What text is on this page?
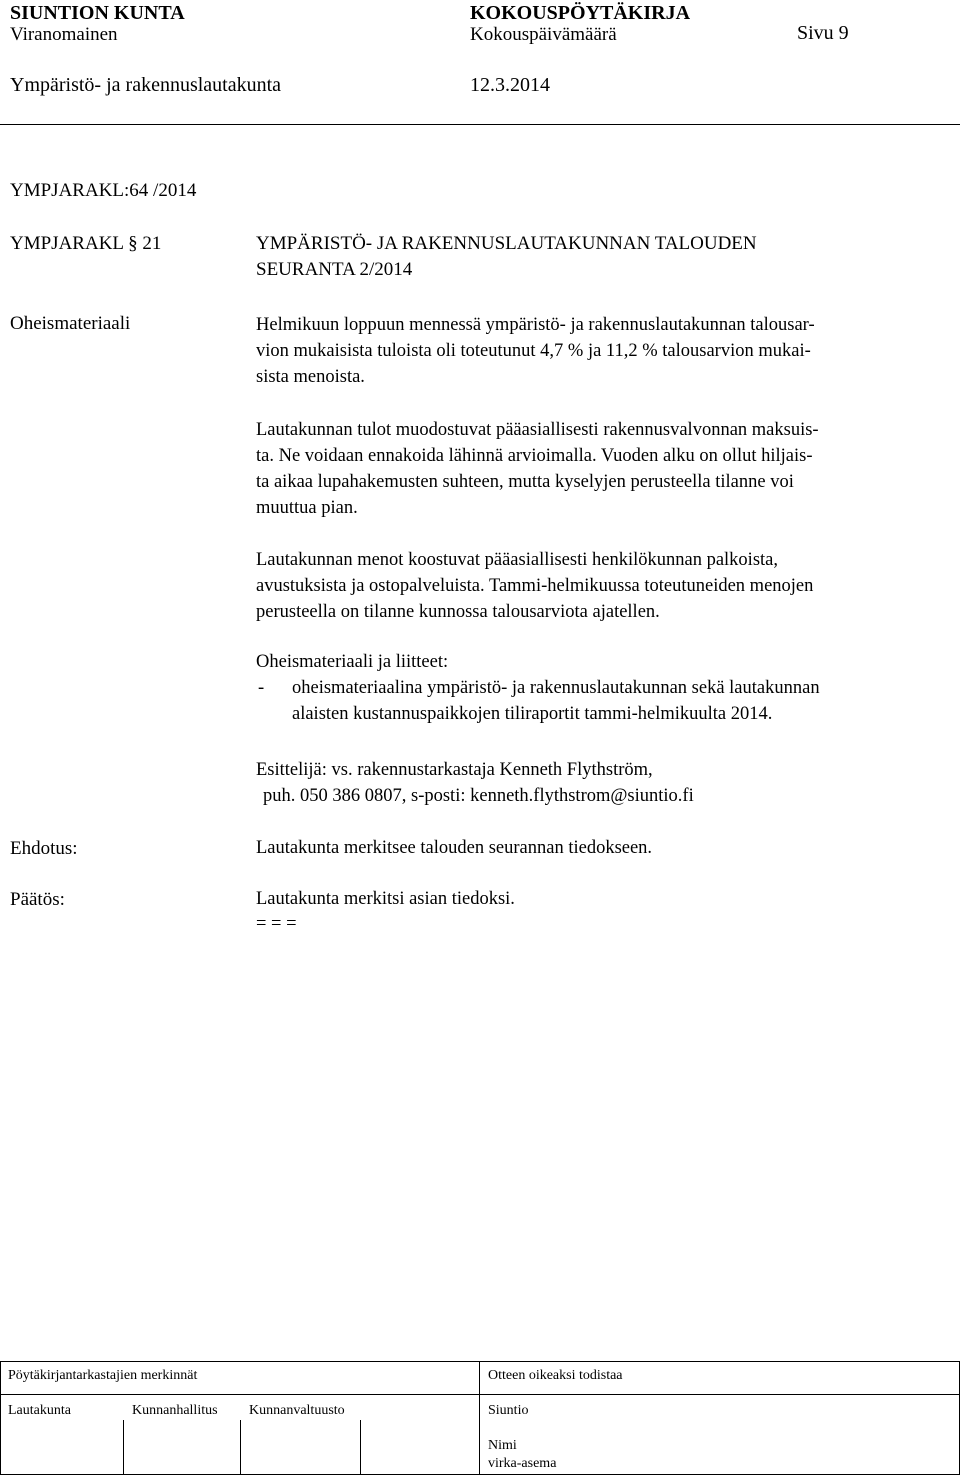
SIUNTION KUNTA	KOKOUSPÖYTÄKIRJA
Viranomainen	Kokouspäivämäärä	Sivu 9
Ympäristö- ja rakennuslautakunta	12.3.2014
YMPJARAKL:64 /2014
YMPJARAKL § 21	YMPÄRISTÖ- JA RAKENNUSLAUTAKUNNAN TALOUDEN
SEURANTA 2/2014
Oheismateriaali	Helmikuun loppuun mennessä ympäristö- ja rakennuslautakunnan talousar-
vion mukaisista tuloista oli toteutunut 4,7 % ja 11,2 % talousarvion mukai-
sista menoista.
Lautakunnan tulot muodostuvat pääasiallisesti rakennusvalvonnan maksuis-
ta. Ne voidaan ennakoida lähinnä arvioimalla. Vuoden alku on ollut hiljais-
ta aikaa lupahakemusten suhteen, mutta kyselyjen perusteella tilanne voi
muuttua pian.
Lautakunnan menot koostuvat pääasiallisesti henkilökunnan palkoista,
avustuksista ja ostopalveluista. Tammi-helmikuussa toteutuneiden menojen
perusteella on tilanne kunnossa talousarviota ajatellen.
Oheismateriaali ja liitteet:
- oheismateriaalina ympäristö- ja rakennuslautakunnan sekä lautakunnan
alaisten kustannuspaikkojen tiliraportit tammi-helmikuulta 2014.
Esittelijä: vs. rakennustarkastaja Kenneth Flythström,
puh. 050 386 0807, s-posti: kenneth.flythstrom@siuntio.fi
Ehdotus:	Lautakunta merkitsee talouden seurannan tiedokseen.
Päätös:	Lautakunta merkitsi asian tiedoksi.
= = =
Pöytäkirjantarkastajien merkinnät	Otteen oikeaksi todistaa
Lautakunta	Kunnanhallitus Kunnanvaltuusto	Siuntio
Nimi
virka-asema
